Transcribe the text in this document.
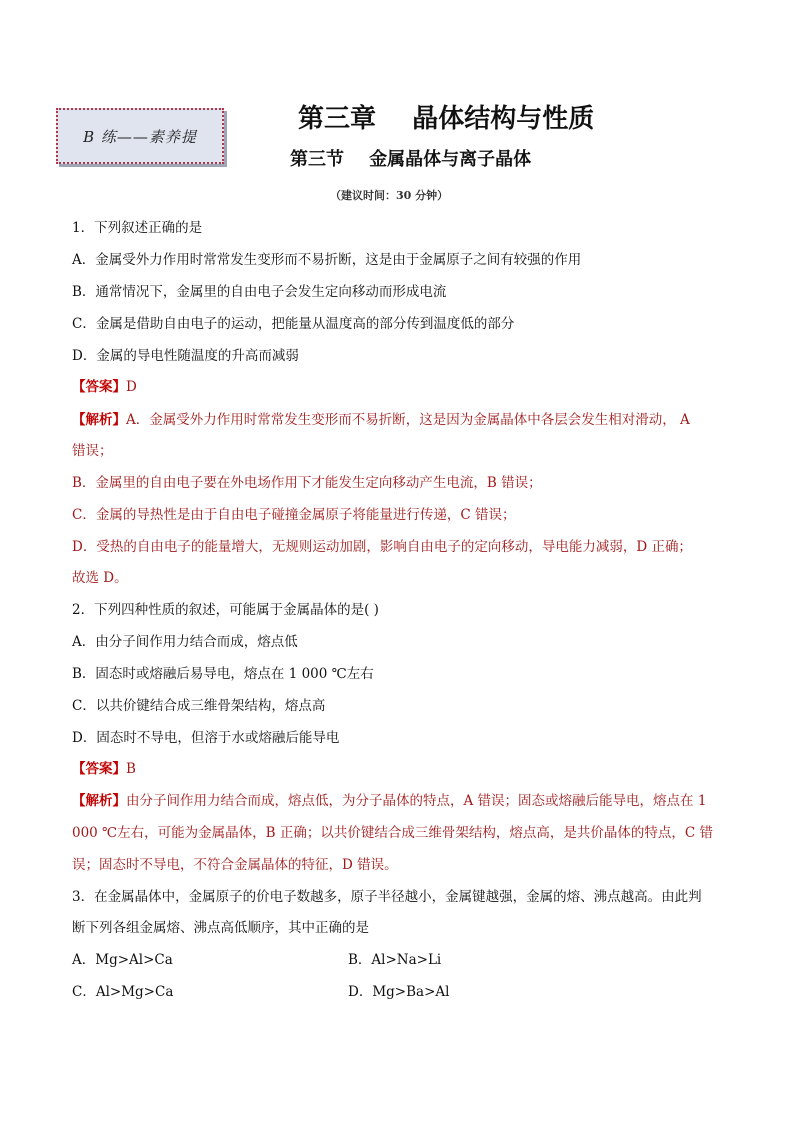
B 练——素养提
第三章    晶体结构与性质
第三节    金属晶体与离子晶体
（建议时间：30 分钟）
1．下列叙述正确的是
A．金属受外力作用时常常发生变形而不易折断，这是由于金属原子之间有较强的作用
B．通常情况下，金属里的自由电子会发生定向移动而形成电流
C．金属是借助自由电子的运动，把能量从温度高的部分传到温度低的部分
D．金属的导电性随温度的升高而减弱
【答案】D
【解析】A．金属受外力作用时常常发生变形而不易折断，这是因为金属晶体中各层会发生相对滑动， A
错误；
B．金属里的自由电子要在外电场作用下才能发生定向移动产生电流，B 错误；
C．金属的导热性是由于自由电子碰撞金属原子将能量进行传递，C 错误；
D．受热的自由电子的能量增大，无规则运动加剧，影响自由电子的定向移动，导电能力减弱，D 正确；
故选 D。
2．下列四种性质的叙述，可能属于金属晶体的是( )
A．由分子间作用力结合而成，熔点低
B．固态时或熔融后易导电，熔点在 1 000 ℃左右
C．以共价键结合成三维骨架结构，熔点高
D．固态时不导电，但溶于水或熔融后能导电
【答案】B
【解析】由分子间作用力结合而成，熔点低，为分子晶体的特点，A 错误；固态或熔融后能导电，熔点在 1
000 ℃左右，可能为金属晶体，B 正确；以共价键结合成三维骨架结构，熔点高，是共价晶体的特点，C 错
误；固态时不导电，不符合金属晶体的特征，D 错误。
3．在金属晶体中，金属原子的价电子数越多，原子半径越小，金属键越强，金属的熔、沸点越高。由此判
断下列各组金属熔、沸点高低顺序，其中正确的是
A．Mg>Al>Ca	B．Al>Na>Li
C．Al>Mg>Ca	D．Mg>Ba>Al
